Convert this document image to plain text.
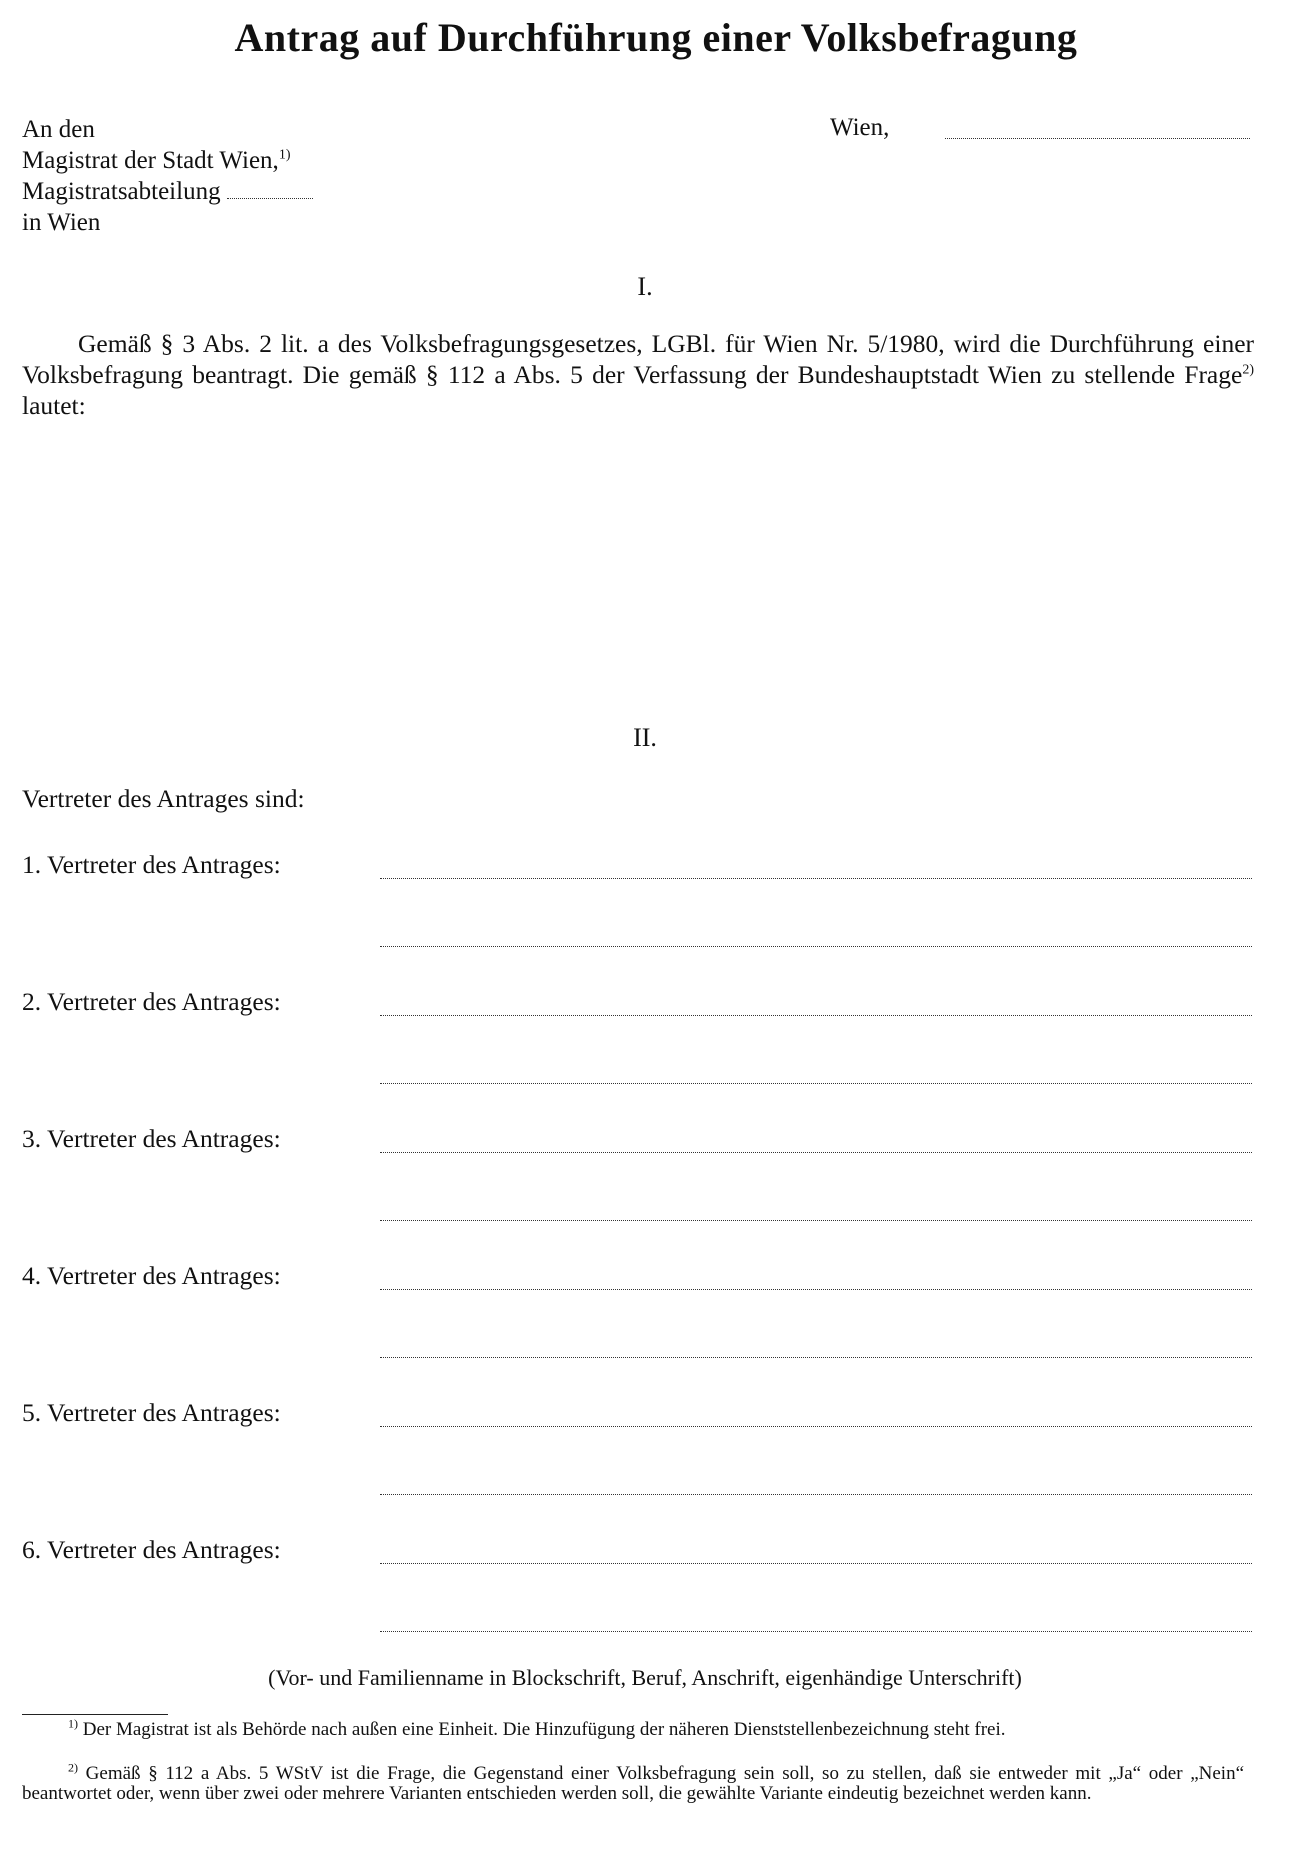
Antrag auf Durchführung einer Volksbefragung
An den
Magistrat der Stadt Wien,$^{1)}$
Magistratsabteilung
in Wien
Wien,
I.
Gemäß § 3 Abs. 2 lit. a des Volksbefragungsgesetzes, LGBl. für Wien Nr. 5/1980, wird die Durchführung einer Volksbefragung beantragt. Die gemäß § 112 a Abs. 5 der Verfassung der Bundeshauptstadt Wien zu stellende Frage$^{2)}$ lautet:
II.
Vertreter des Antrages sind:
1. Vertreter des Antrages:
2. Vertreter des Antrages:
3. Vertreter des Antrages:
4. Vertreter des Antrages:
5. Vertreter des Antrages:
6. Vertreter des Antrages:
(Vor- und Familienname in Blockschrift, Beruf, Anschrift, eigenhändige Unterschrift)
$^{1)}$ Der Magistrat ist als Behörde nach außen eine Einheit. Die Hinzufügung der näheren Dienststellenbezeichnung steht frei.
$^{2)}$ Gemäß § 112 a Abs. 5 WStV ist die Frage, die Gegenstand einer Volksbefragung sein soll, so zu stellen, daß sie entweder mit „Ja“ oder „Nein“ beantwortet oder, wenn über zwei oder mehrere Varianten entschieden werden soll, die gewählte Variante eindeutig bezeichnet werden kann.
